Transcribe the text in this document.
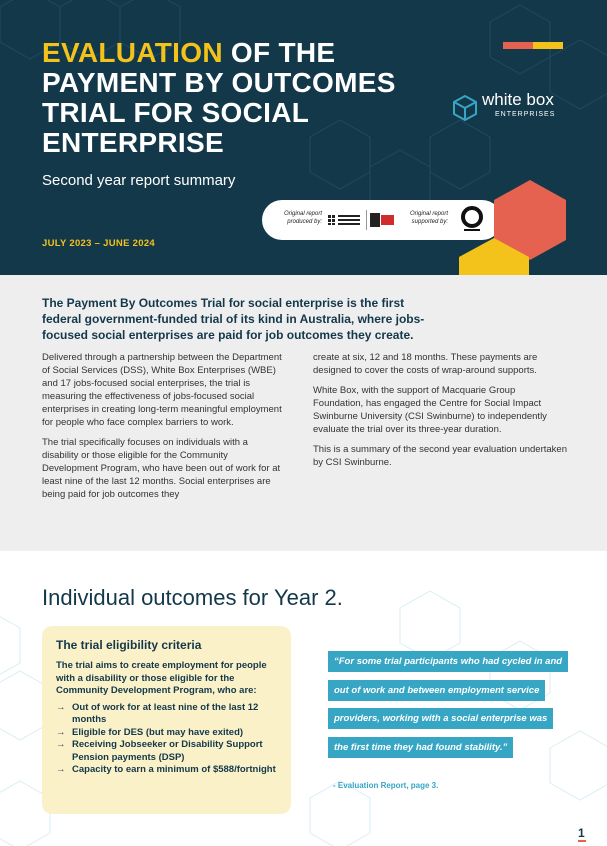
EVALUATION OF THE PAYMENT BY OUTCOMES TRIAL FOR SOCIAL ENTERPRISE
Second year report summary
JULY 2023 – JUNE 2024
white box
ENTERPRISES
Original report produced by:
Original report supported by:
The Payment By Outcomes Trial for social enterprise is the first federal government-funded trial of its kind in Australia, where jobs-focused social enterprises are paid for job outcomes they create.

Delivered through a partnership between the Department of Social Services (DSS), White Box Enterprises (WBE) and 17 jobs-focused social enterprises, the trial is measuring the effectiveness of jobs-focused social enterprises in creating long-term meaningful employment for people who face complex barriers to work.

The trial specifically focuses on individuals with a disability or those eligible for the Community Development Program, who have been out of work for at least nine of the last 12 months. Social enterprises are being paid for job outcomes they

create at six, 12 and 18 months. These payments are designed to cover the costs of wrap-around supports.

White Box, with the support of Macquarie Group Foundation, has engaged the Centre for Social Impact Swinburne University (CSI Swinburne) to independently evaluate the trial over its three-year duration.

This is a summary of the second year evaluation undertaken by CSI Swinburne.

Individual outcomes for Year 2.
The trial eligibility criteria
The trial aims to create employment for people with a disability or those eligible for the Community Development Program, who are:
→ Out of work for at least nine of the last 12 months
→ Eligible for DES (but may have exited)
→ Receiving Jobseeker or Disability Support Pension payments (DSP)
→ Capacity to earn a minimum of $588/fortnight
“For some trial participants who had cycled in and
out of work and between employment service
providers, working with a social enterprise was
the first time they had found stability.”
- Evaluation Report, page 3.
1
